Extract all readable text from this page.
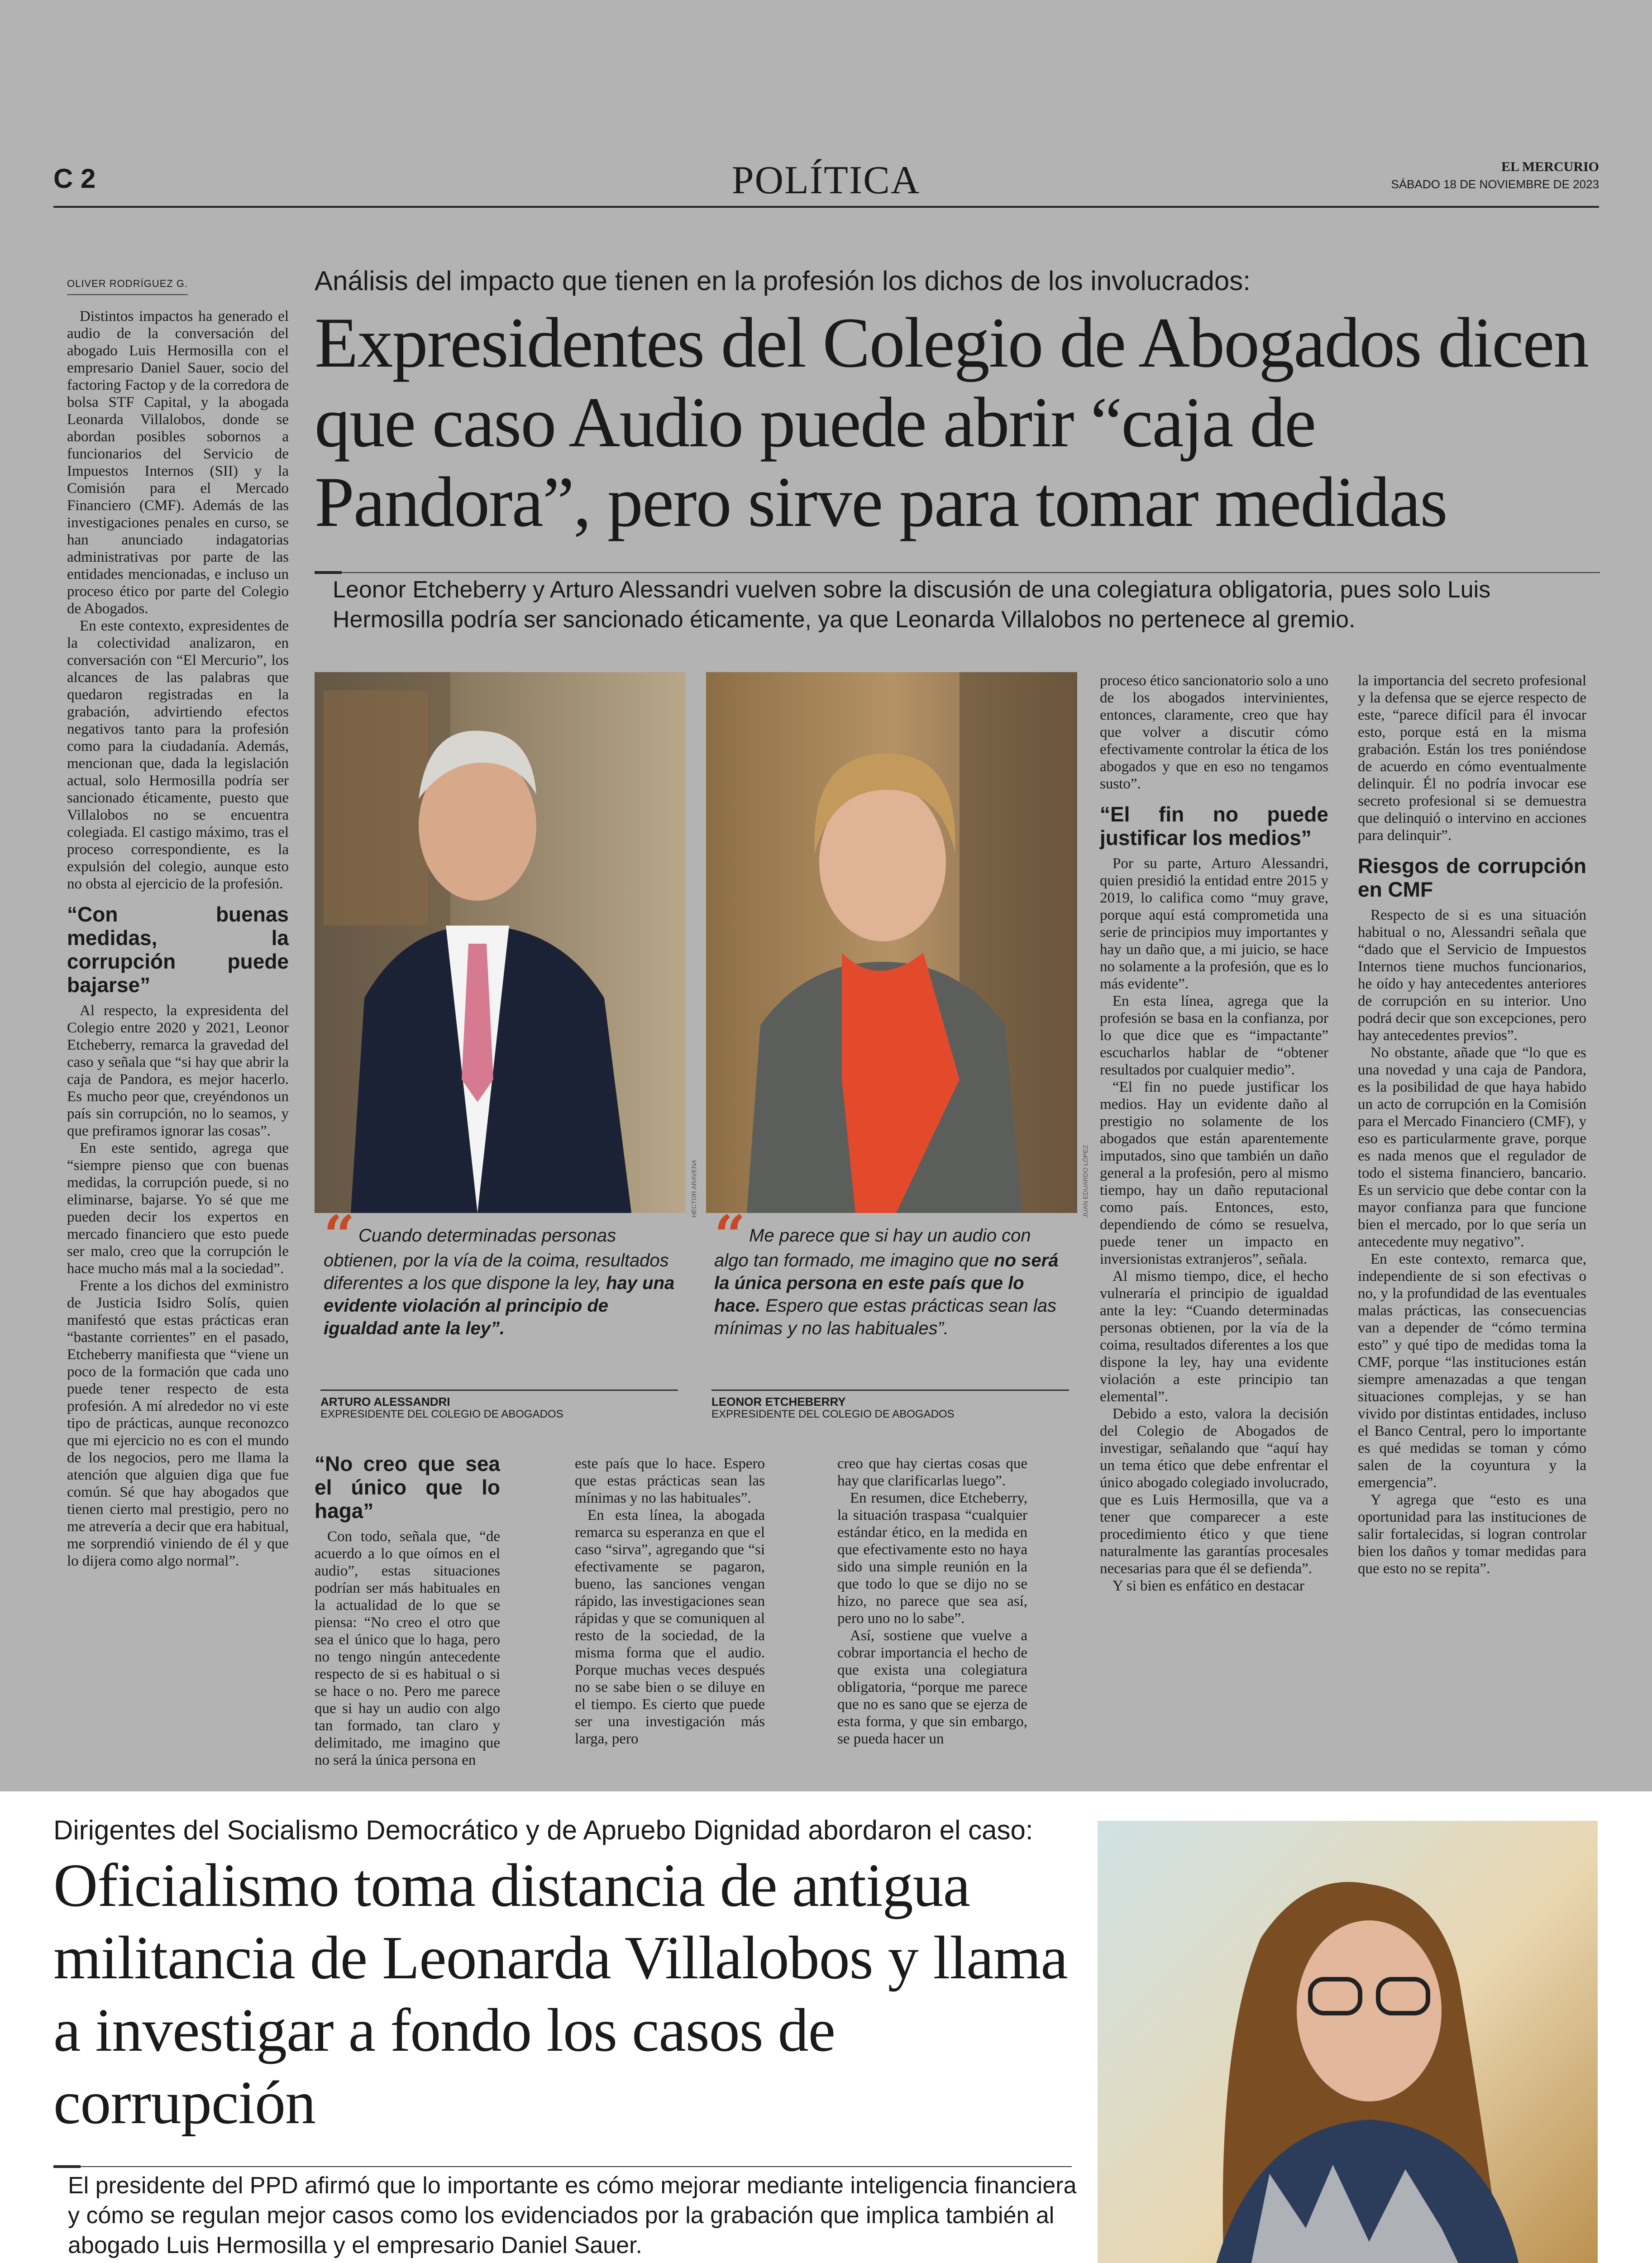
C 2	POLÍTICA	EL MERCURIO
SÁBADO 18 DE NOVIEMBRE DE 2023
OLIVER RODRÍGUEZ G.

Distintos impactos ha generado el audio de la conversación del abogado Luis Hermosilla con el empresario Daniel Sauer, socio del factoring Factop y de la corredora de bolsa STF Capital, y la abogada Leonarda Villalobos, donde se abordan posibles sobornos a funcionarios del Servicio de Impuestos Internos (SII) y la Comisión para el Mercado Financiero (CMF). Además de las investigaciones penales en curso, se han anunciado indagatorias administrativas por parte de las entidades mencionadas, e incluso un proceso ético por parte del Colegio de Abogados.

En este contexto, expresidentes de la colectividad analizaron, en conversación con “El Mercurio”, los alcances de las palabras que quedaron registradas en la grabación, advirtiendo efectos negativos tanto para la profesión como para la ciudadanía. Además, mencionan que, dada la legislación actual, solo Hermosilla podría ser sancionado éticamente, puesto que Villalobos no se encuentra colegiada. El castigo máximo, tras el proceso correspondiente, es la expulsión del colegio, aunque esto no obsta al ejercicio de la profesión.

“Con buenas medidas, la corrupción puede bajarse”

Al respecto, la expresidenta del Colegio entre 2020 y 2021, Leonor Etcheberry, remarca la gravedad del caso y señala que “si hay que abrir la caja de Pandora, es mejor hacerlo. Es mucho peor que, creyéndonos un país sin corrupción, no lo seamos, y que prefiramos ignorar las cosas”.

En este sentido, agrega que “siempre pienso que con buenas medidas, la corrupción puede, si no eliminarse, bajarse. Yo sé que me pueden decir los expertos en mercado financiero que esto puede ser malo, creo que la corrupción le hace mucho más mal a la sociedad”.

Frente a los dichos del exministro de Justicia Isidro Solís, quien manifestó que estas prácticas eran “bastante corrientes” en el pasado, Etcheberry manifiesta que “viene un poco de la formación que cada uno puede tener respecto de esta profesión. A mí alrededor no vi este tipo de prácticas, aunque reconozco que mi ejercicio no es con el mundo de los negocios, pero me llama la atención que alguien diga que fue común. Sé que hay abogados que tienen cierto mal prestigio, pero no me atrevería a decir que era habitual, me sorprendió viniendo de él y que lo dijera como algo normal”.

Análisis del impacto que tienen en la profesión los dichos de los involucrados:
Expresidentes del Colegio de Abogados dicen que caso Audio puede abrir “caja de Pandora”, pero sirve para tomar medidas
Leonor Etcheberry y Arturo Alessandri vuelven sobre la discusión de una colegiatura obligatoria, pues solo Luis Hermosilla podría ser sancionado éticamente, ya que Leonarda Villalobos no pertenece al gremio.
HÉCTOR ARAVENA	JUAN EDUARDO LÓPEZ
“ Cuando determinadas personas obtienen, por la vía de la coima, resultados diferentes a los que dispone la ley, hay una evidente violación al principio de igualdad ante la ley”.
ARTURO ALESSANDRI
EXPRESIDENTE DEL COLEGIO DE ABOGADOS
“ Me parece que si hay un audio con algo tan formado, me imagino que no será la única persona en este país que lo hace. Espero que estas prácticas sean las mínimas y no las habituales”.
LEONOR ETCHEBERRY
EXPRESIDENTE DEL COLEGIO DE ABOGADOS
“No creo que sea el único que lo haga”

Con todo, señala que, “de acuerdo a lo que oímos en el audio”, estas situaciones podrían ser más habituales en la actualidad de lo que se piensa: “No creo el otro que sea el único que lo haga, pero no tengo ningún antecedente respecto de si es habitual o si se hace o no. Pero me parece que si hay un audio con algo tan formado, tan claro y delimitado, me imagino que no será la única persona en

este país que lo hace. Espero que estas prácticas sean las mínimas y no las habituales”.

En esta línea, la abogada remarca su esperanza en que el caso “sirva”, agregando que “si efectivamente se pagaron, bueno, las sanciones vengan rápido, las investigaciones sean rápidas y que se comuniquen al resto de la sociedad, de la misma forma que el audio. Porque muchas veces después no se sabe bien o se diluye en el tiempo. Es cierto que puede ser una investigación más larga, pero

creo que hay ciertas cosas que hay que clarificarlas luego”.

En resumen, dice Etcheberry, la situación traspasa “cualquier estándar ético, en la medida en que efectivamente esto no haya sido una simple reunión en la que todo lo que se dijo no se hizo, no parece que sea así, pero uno no lo sabe”.

Así, sostiene que vuelve a cobrar importancia el hecho de que exista una colegiatura obligatoria, “porque me parece que no es sano que se ejerza de esta forma, y que sin embargo, se pueda hacer un

proceso ético sancionatorio solo a uno de los abogados intervinientes, entonces, claramente, creo que hay que volver a discutir cómo efectivamente controlar la ética de los abogados y que en eso no tengamos susto”.

“El fin no puede justificar los medios”

Por su parte, Arturo Alessandri, quien presidió la entidad entre 2015 y 2019, lo califica como “muy grave, porque aquí está comprometida una serie de principios muy importantes y hay un daño que, a mi juicio, se hace no solamente a la profesión, que es lo más evidente”.

En esta línea, agrega que la profesión se basa en la confianza, por lo que dice que es “impactante” escucharlos hablar de “obtener resultados por cualquier medio”.

“El fin no puede justificar los medios. Hay un evidente daño al prestigio no solamente de los abogados que están aparentemente imputados, sino que también un daño general a la profesión, pero al mismo tiempo, hay un daño reputacional como país. Entonces, esto, dependiendo de cómo se resuelva, puede tener un impacto en inversionistas extranjeros”, señala.

Al mismo tiempo, dice, el hecho vulneraría el principio de igualdad ante la ley: “Cuando determinadas personas obtienen, por la vía de la coima, resultados diferentes a los que dispone la ley, hay una evidente violación a este principio tan elemental”.

Debido a esto, valora la decisión del Colegio de Abogados de investigar, señalando que “aquí hay un tema ético que debe enfrentar el único abogado colegiado involucrado, que es Luis Hermosilla, que va a tener que comparecer a este procedimiento ético y que tiene naturalmente las garantías procesales necesarias para que él se defienda”.

Y si bien es enfático en destacar

la importancia del secreto profesional y la defensa que se ejerce respecto de este, “parece difícil para él invocar esto, porque está en la misma grabación. Están los tres poniéndose de acuerdo en cómo eventualmente delinquir. Él no podría invocar ese secreto profesional si se demuestra que delinquió o intervino en acciones para delinquir”.

Riesgos de corrupción en CMF

Respecto de si es una situación habitual o no, Alessandri señala que “dado que el Servicio de Impuestos Internos tiene muchos funcionarios, he oído y hay antecedentes anteriores de corrupción en su interior. Uno podrá decir que son excepciones, pero hay antecedentes previos”.

No obstante, añade que “lo que es una novedad y una caja de Pandora, es la posibilidad de que haya habido un acto de corrupción en la Comisión para el Mercado Financiero (CMF), y eso es particularmente grave, porque es nada menos que el regulador de todo el sistema financiero, bancario. Es un servicio que debe contar con la mayor confianza para que funcione bien el mercado, por lo que sería un antecedente muy negativo”.

En este contexto, remarca que, independiente de si son efectivas o no, y la profundidad de las eventuales malas prácticas, las consecuencias van a depender de “cómo termina esto” y qué tipo de medidas toma la CMF, porque “las instituciones están siempre amenazadas a que tengan situaciones complejas, y se han vivido por distintas entidades, incluso el Banco Central, pero lo importante es qué medidas se toman y cómo salen de la coyuntura y la emergencia”.

Y agrega que “esto es una oportunidad para las instituciones de salir fortalecidas, si logran controlar bien los daños y tomar medidas para que esto no se repita”.

Dirigentes del Socialismo Democrático y de Apruebo Dignidad abordaron el caso:
Oficialismo toma distancia de antigua militancia de Leonarda Villalobos y llama a investigar a fondo los casos de corrupción
El presidente del PPD afirmó que lo importante es cómo mejorar mediante inteligencia financiera y cómo se regulan mejor casos como los evidenciados por la grabación que implica también al abogado Luis Hermosilla y el empresario Daniel Sauer.
